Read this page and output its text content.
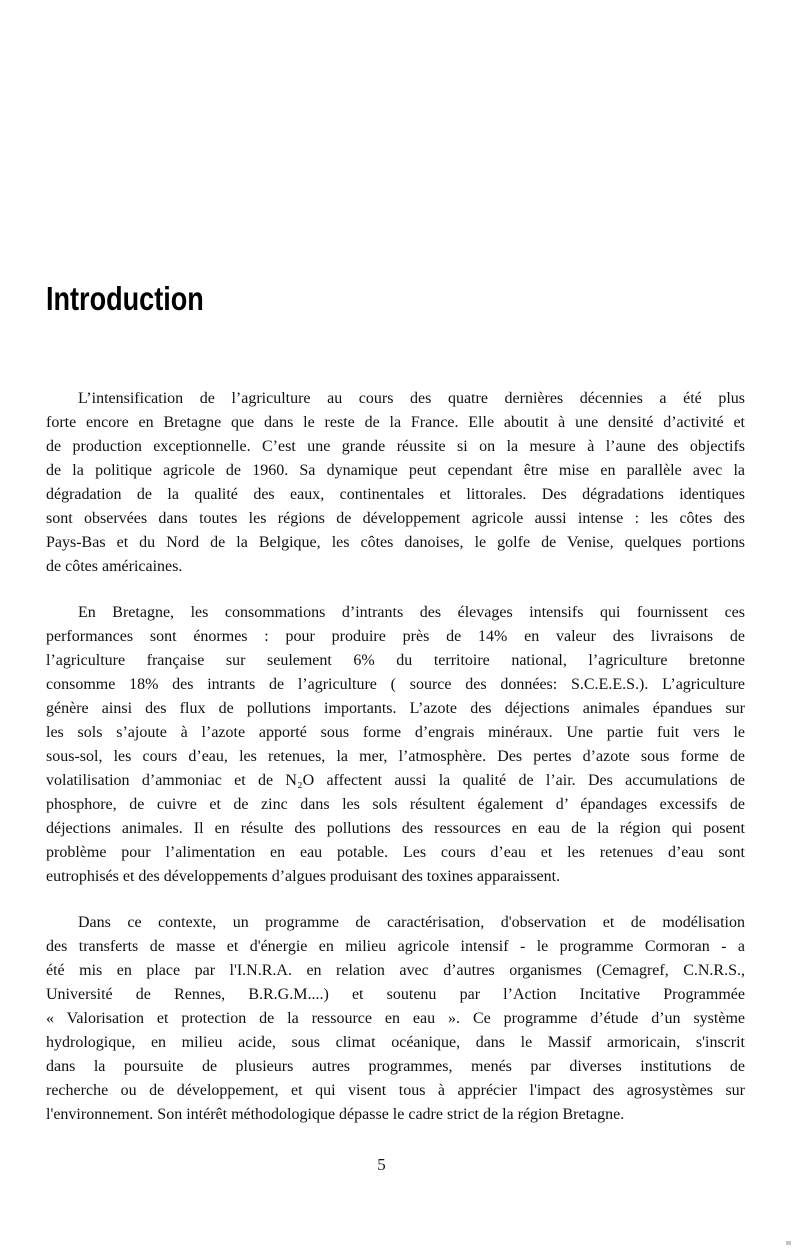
Introduction

L’intensification de l’agriculture au cours des quatre dernières décennies a été plus
forte encore en Bretagne que dans le reste de la France. Elle aboutit à une densité d’activité et
de production exceptionnelle. C’est une grande réussite si on la mesure à l’aune des objectifs
de la politique agricole de 1960. Sa dynamique peut cependant être mise en parallèle avec la
dégradation de la qualité des eaux, continentales et littorales. Des dégradations identiques
sont observées dans toutes les régions de développement agricole aussi intense : les côtes des
Pays-Bas et du Nord de la Belgique, les côtes danoises, le golfe de Venise, quelques portions
de côtes américaines.

En Bretagne, les consommations d’intrants des élevages intensifs qui fournissent ces
performances sont énormes : pour produire près de 14% en valeur des livraisons de
l’agriculture française sur seulement 6% du territoire national, l’agriculture bretonne
consomme 18% des intrants de l’agriculture ( source des données: S.C.E.E.S.). L’agriculture
génère ainsi des flux de pollutions importants. L’azote des déjections animales épandues sur
les sols s’ajoute à l’azote apporté sous forme d’engrais minéraux. Une partie fuit vers le
sous-sol, les cours d’eau, les retenues, la mer, l’atmosphère. Des pertes d’azote sous forme de
volatilisation d’ammoniac et de N₂O affectent aussi la qualité de l’air. Des accumulations de
phosphore, de cuivre et de zinc dans les sols résultent également d’ épandages excessifs de
déjections animales. Il en résulte des pollutions des ressources en eau de la région qui posent
problème pour l’alimentation en eau potable. Les cours d’eau et les retenues d’eau sont
eutrophisés et des développements d’algues produisant des toxines apparaissent.

Dans ce contexte, un programme de caractérisation, d'observation et de modélisation
des transferts de masse et d'énergie en milieu agricole intensif - le programme Cormoran - a
été mis en place par l'I.N.R.A. en relation avec d’autres organismes (Cemagref, C.N.R.S.,
Université de Rennes, B.R.G.M....) et soutenu par l’Action Incitative Programmée
« Valorisation et protection de la ressource en eau ». Ce programme d’étude d’un système
hydrologique, en milieu acide, sous climat océanique, dans le Massif armoricain, s'inscrit
dans la poursuite de plusieurs autres programmes, menés par diverses institutions de
recherche ou de développement, et qui visent tous à apprécier l'impact des agrosystèmes sur
l'environnement. Son intérêt méthodologique dépasse le cadre strict de la région Bretagne.

5
